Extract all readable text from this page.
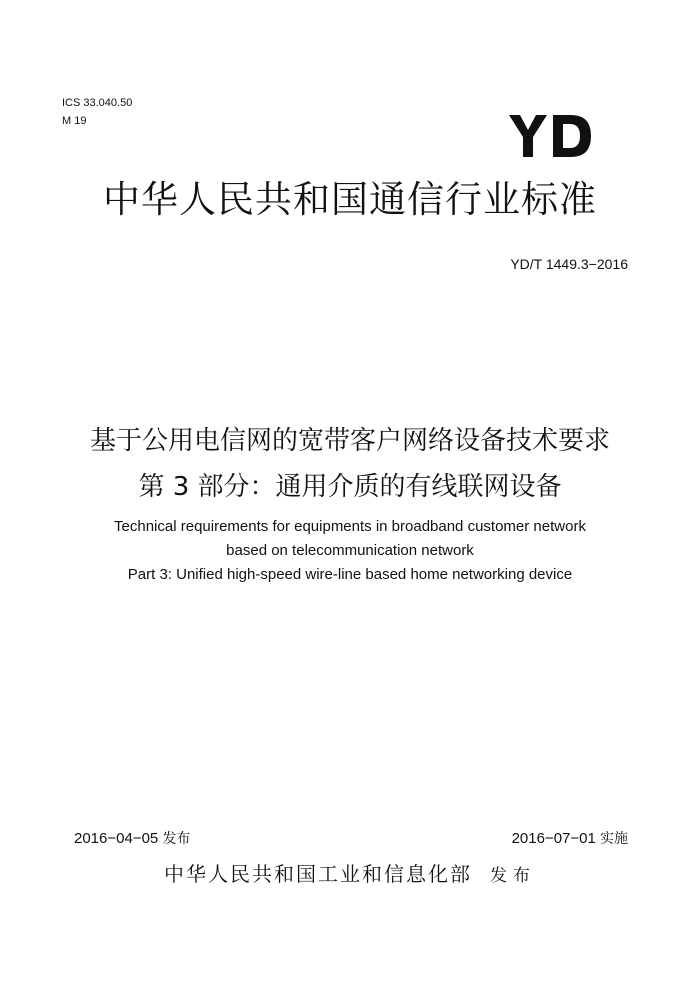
ICS 33.040.50
M 19
中华人民共和国通信行业标准
YD/T 1449.3−2016
基于公用电信网的宽带客户网络设备技术要求
第 3 部分：通用介质的有线联网设备
Technical requirements for equipments in broadband customer network
based on telecommunication network
Part 3: Unified high-speed wire-line based home networking device
2016−04−05 发布	2016−07−01 实施
中华人民共和国工业和信息化部 发布
